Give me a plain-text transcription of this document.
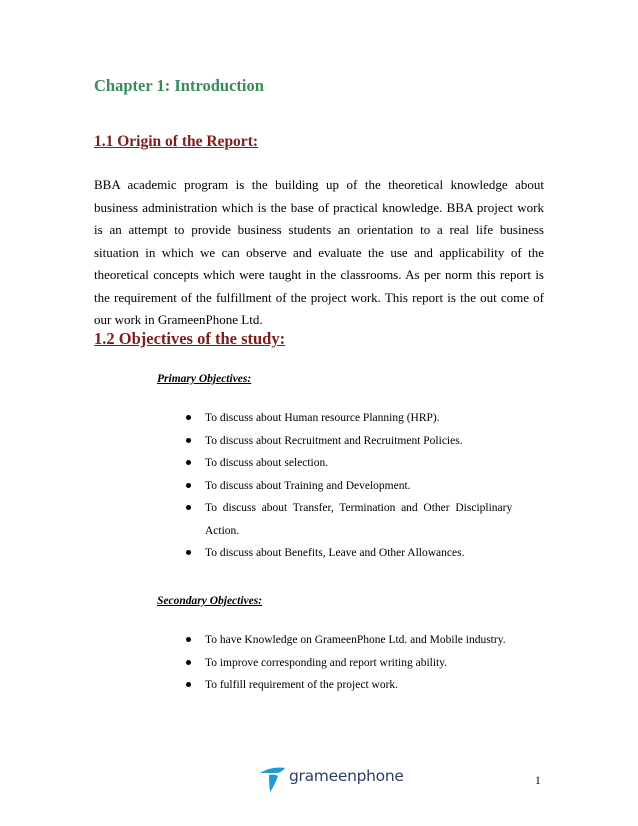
Chapter 1: Introduction
1.1 Origin of the Report:

BBA academic program is the building up of the theoretical knowledge about business administration which is the base of practical knowledge. BBA project work is an attempt to provide business students an orientation to a real life business situation in which we can observe and evaluate the use and applicability of the theoretical concepts which were taught in the classrooms. As per norm this report is the requirement of the fulfillment of the project work. This report is the out come of our work in GrameenPhone Ltd.

1.2 Objectives of the study:
Primary Objectives:
To discuss about Human resource Planning (HRP).
To discuss about Recruitment and Recruitment Policies.
To discuss about selection.
To discuss about Training and Development.
To  discuss  about  Transfer,  Termination  and  Other  Disciplinary Action.
To discuss about Benefits, Leave and Other Allowances.
Secondary Objectives:
To have Knowledge on GrameenPhone Ltd. and Mobile industry.
To improve corresponding and report writing ability.
To fulfill requirement of the project work.
grameenphone	1
